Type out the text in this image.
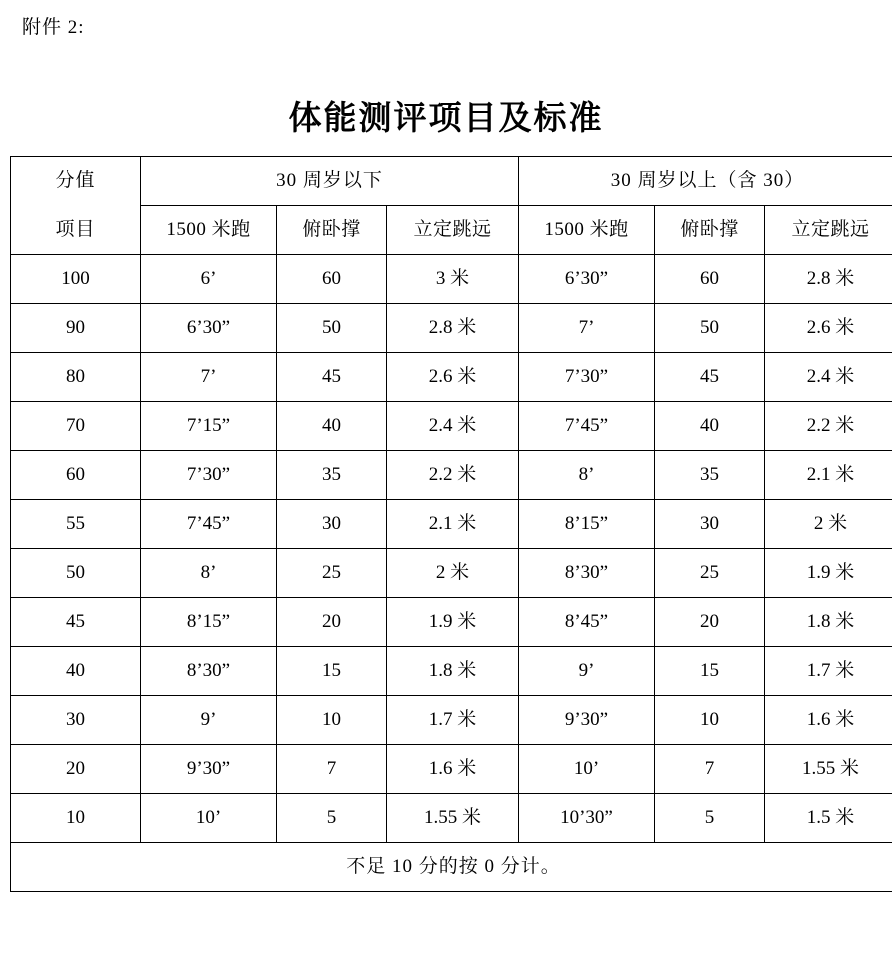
附件 2:
体能测评项目及标准
分值
项目	30 周岁以下			30 周岁以上（含 30）		
	1500 米跑	俯卧撑	立定跳远	1500 米跑	俯卧撑	立定跳远
100	6’	60	3 米	6’30”	60	2.8 米
90	6’30”	50	2.8 米	7’	50	2.6 米
80	7’	45	2.6 米	7’30”	45	2.4 米
70	7’15”	40	2.4 米	7’45”	40	2.2 米
60	7’30”	35	2.2 米	8’	35	2.1 米
55	7’45”	30	2.1 米	8’15”	30	2 米
50	8’	25	2 米	8’30”	25	1.9 米
45	8’15”	20	1.9 米	8’45”	20	1.8 米
40	8’30”	15	1.8 米	9’	15	1.7 米
30	9’	10	1.7 米	9’30”	10	1.6 米
20	9’30”	7	1.6 米	10’	7	1.55 米
10	10’	5	1.55 米	10’30”	5	1.5 米
不足 10 分的按 0 分计。						
